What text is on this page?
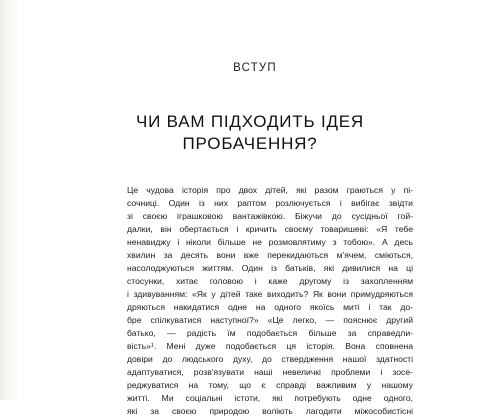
ВСТУП
ЧИ ВАМ ПІДХОДИТЬ ІДЕЯ
ПРОБАЧЕННЯ?
Це чудова історія про двох дітей, які разом граються у пі-
сочниці. Один із них раптом розлючується і вибігає звідти
зі своєю іграшковою вантажівкою. Біжучи до сусідньої гой-
далки, він обертається і кричить своєму товаришеві: «Я тебе
ненавиджу і ніколи більше не розмовлятиму з тобою». А десь
хвилин за десять вони вже перекидаються м'ячем, сміються,
насолоджуються життям. Один із батьків, які дивилися на ці
стосунки, хитає головою і каже другому із захопленням
і здивуванням: «Як у дітей таке виходить? Як вони примудряються
дряються накидатися одне на одного якоїсь миті і так до-
бре спілкуватися наступної?» «Це легко, — пояснює другий
батько, — радість їм подобається більше за справедли-
вість»¹. Мені дуже подобається ця історія. Вона сповнена
довіри до людського духу, до ствердження нашої здатності
адаптуватися, розв'язувати наші невеличкі проблеми і зосе-
реджуватися на тому, що є справді важливим у нашому
житті. Ми соціальні істоти, які потребують одне одного,
які за своєю природою воліють лагодити міжособистісні
